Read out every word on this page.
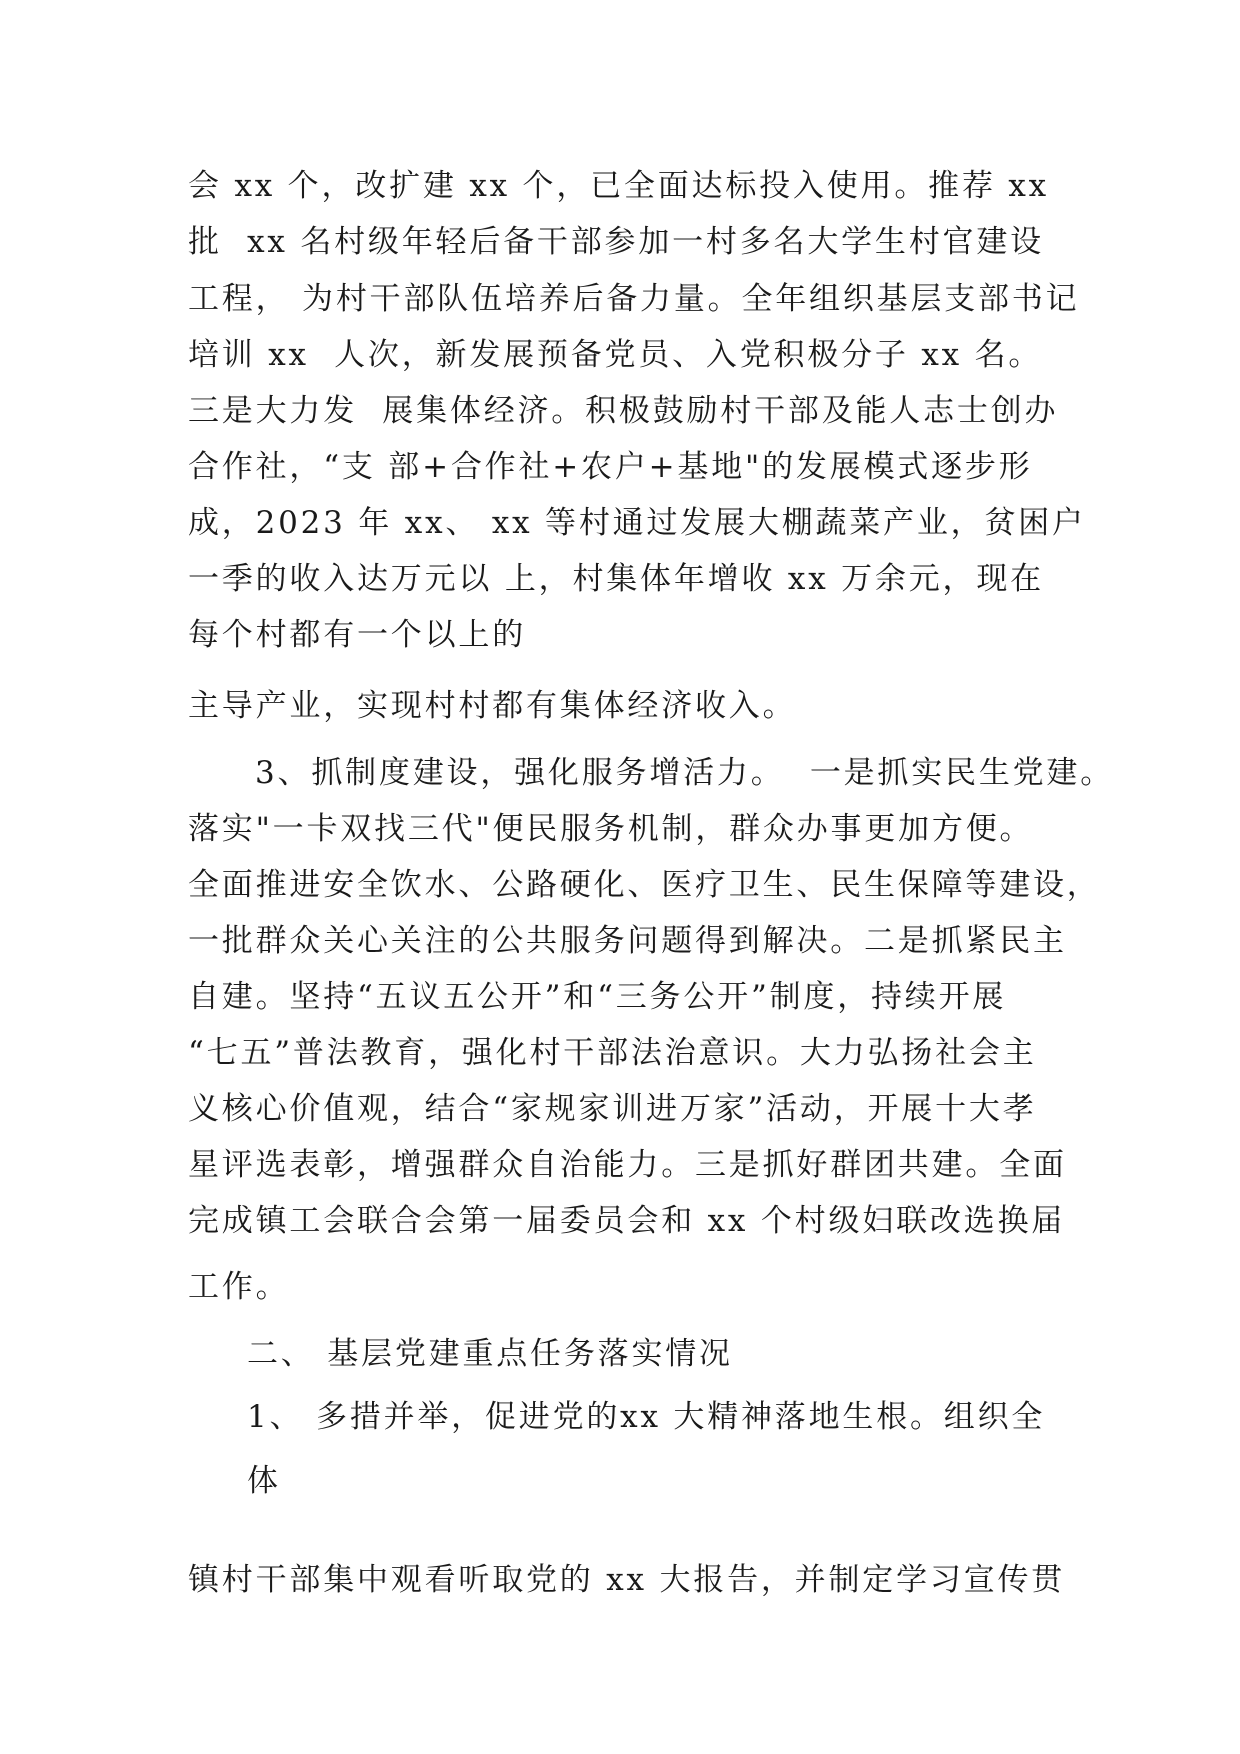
会 xx 个，改扩建 xx 个，已全面达标投入使用。推荐 xx
批  xx 名村级年轻后备干部参加一村多名大学生村官建设
工程， 为村干部队伍培养后备力量。全年组织基层支部书记
培训 xx  人次，新发展预备党员、入党积极分子 xx 名。
三是大力发  展集体经济。积极鼓励村干部及能人志士创办
合作社，“支 部+合作社+农户+基地"的发展模式逐步形
成，2023 年 xx、 xx 等村通过发展大棚蔬菜产业，贫困户
一季的收入达万元以 上，村集体年增收 xx 万余元，现在
每个村都有一个以上的
主导产业，实现村村都有集体经济收入。
3、抓制度建设，强化服务增活力。  一是抓实民生党建。
落实"一卡双找三代"便民服务机制，群众办事更加方便。
全面推进安全饮水、公路硬化、医疗卫生、民生保障等建设，
一批群众关心关注的公共服务问题得到解决。二是抓紧民主
自建。坚持“五议五公开”和“三务公开”制度，持续开展
“七五”普法教育，强化村干部法治意识。大力弘扬社会主
义核心价值观，结合“家规家训进万家”活动，开展十大孝
星评选表彰，增强群众自治能力。三是抓好群团共建。全面
完成镇工会联合会第一届委员会和 xx 个村级妇联改选换届
工作。
二、 基层党建重点任务落实情况
1、 多措并举，促进党的xx 大精神落地生根。组织全
体
镇村干部集中观看听取党的 xx 大报告，并制定学习宣传贯
